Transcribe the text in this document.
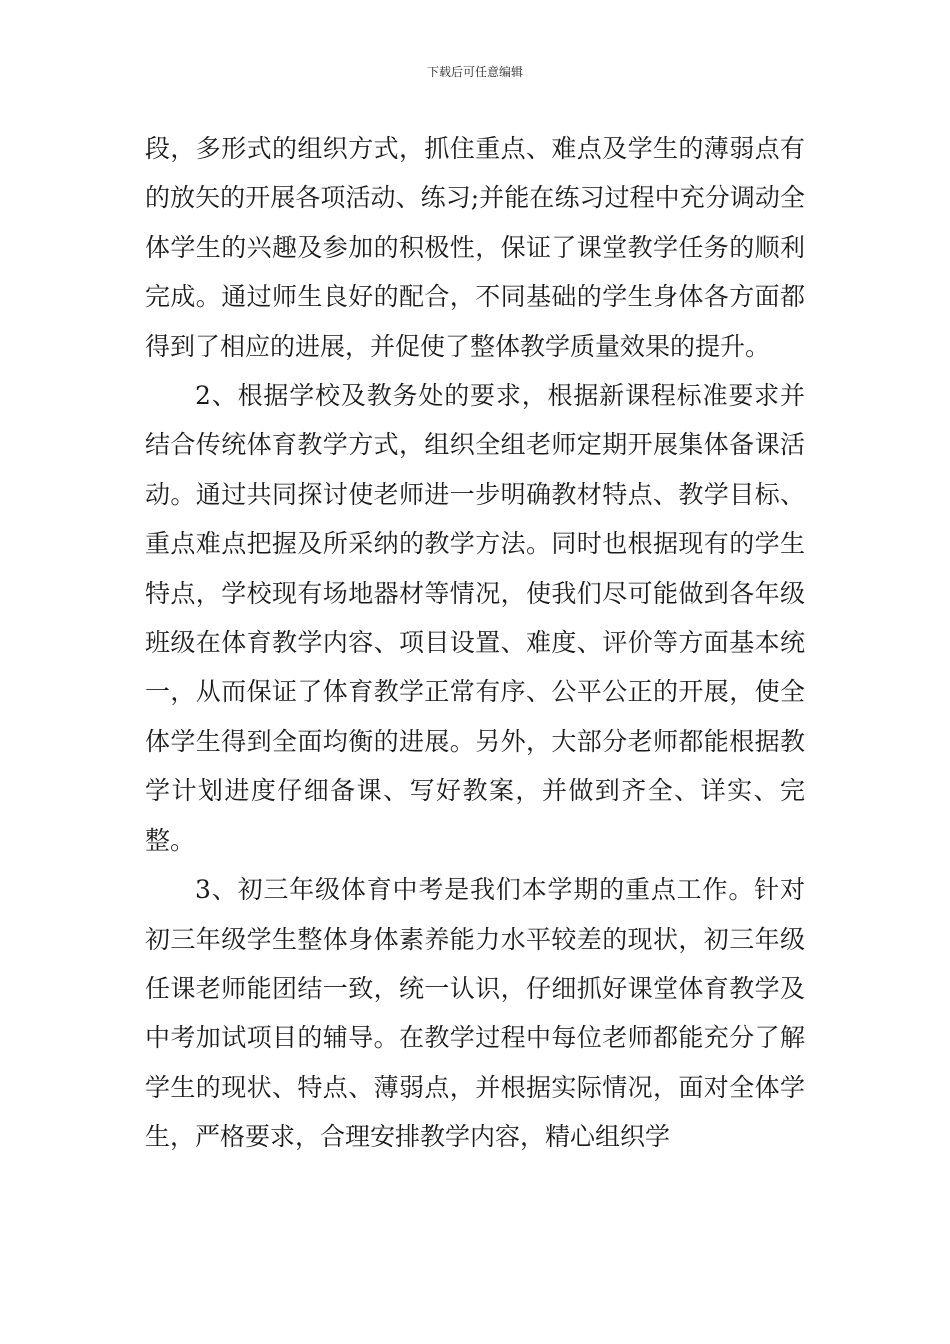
下载后可任意编辑

段，多形式的组织方式，抓住重点、难点及学生的薄弱点有的放矢的开展各项活动、练习;并能在练习过程中充分调动全体学生的兴趣及参加的积极性，保证了课堂教学任务的顺利完成。通过师生良好的配合，不同基础的学生身体各方面都得到了相应的进展，并促使了整体教学质量效果的提升。

2、根据学校及教务处的要求，根据新课程标准要求并结合传统体育教学方式，组织全组老师定期开展集体备课活动。通过共同探讨使老师进一步明确教材特点、教学目标、重点难点把握及所采纳的教学方法。同时也根据现有的学生特点，学校现有场地器材等情况，使我们尽可能做到各年级班级在体育教学内容、项目设置、难度、评价等方面基本统一，从而保证了体育教学正常有序、公平公正的开展，使全体学生得到全面均衡的进展。另外，大部分老师都能根据教学计划进度仔细备课、写好教案，并做到齐全、详实、完整。

3、初三年级体育中考是我们本学期的重点工作。针对初三年级学生整体身体素养能力水平较差的现状，初三年级任课老师能团结一致，统一认识，仔细抓好课堂体育教学及中考加试项目的辅导。在教学过程中每位老师都能充分了解学生的现状、特点、薄弱点，并根据实际情况，面对全体学生，严格要求，合理安排教学内容，精心组织学
